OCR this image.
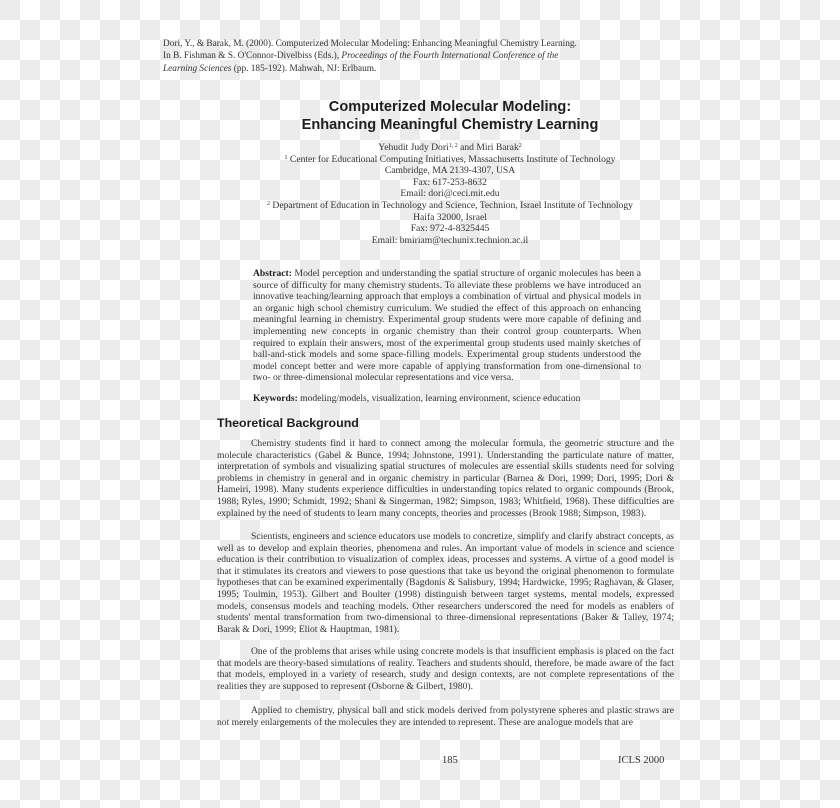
Dori, Y., & Barak, M. (2000). Computerized Molecular Modeling: Enhancing Meaningful Chemistry Learning.
In B. Fishman & S. O'Connor-Divelbiss (Eds.), Proceedings of the Fourth International Conference of the
Learning Sciences (pp. 185-192). Mahwah, NJ: Erlbaum.
Computerized Molecular Modeling:
Enhancing Meaningful Chemistry Learning
Yehudit Judy Dori$^{1, 2}$ and Miri Barak$^2$
$^1$ Center for Educational Computing Initiatives, Massachusetts Institute of Technology
Cambridge, MA 2139-4307, USA
Fax: 617-253-8632
Email: dori@ceci.mit.edu
$^2$ Department of Education in Technology and Science, Technion, Israel Institute of Technology
Haifa 32000, Israel
Fax: 972-4-8325445
Email: bmiriam@techunix.technion.ac.il
Abstract: Model perception and understanding the spatial structure of organic molecules has been a source of difficulty for many chemistry students. To alleviate these problems we have introduced an innovative teaching/learning approach that employs a combination of virtual and physical models in an organic high school chemistry curriculum. We studied the effect of this approach on enhancing meaningful learning in chemistry. Experimental group students were more capable of defining and implementing new concepts in organic chemistry than their control group counterparts. When required to explain their answers, most of the experimental group students used mainly sketches of ball-and-stick models and some space-filling models. Experimental group students understood the model concept better and were more capable of applying transformation from one-dimensional to two- or three-dimensional molecular representations and vice versa.
Keywords: modeling/models, visualization, learning environment, science education
Theoretical Background
Chemistry students find it hard to connect among the molecular formula, the geometric structure and the molecule characteristics (Gabel & Bunce, 1994; Johnstone, 1991). Understanding the particulate nature of matter, interpretation of symbols and visualizing spatial structures of molecules are essential skills students need for solving problems in chemistry in general and in organic chemistry in particular (Barnea & Dori, 1999; Dori, 1995; Dori & Hameiri, 1998). Many students experience difficulties in understanding topics related to organic compounds (Brook, 1988; Ryles, 1990; Schmidt, 1992; Shani & Singerman, 1982; Simpson, 1983; Whitfield, 1968). These difficulties are explained by the need of students to learn many concepts, theories and processes (Brook 1988; Simpson, 1983).
Scientists, engineers and science educators use models to concretize, simplify and clarify abstract concepts, as well as to develop and explain theories, phenomena and rules. An important value of models in science and science education is their contribution to visualization of complex ideas, processes and systems. A virtue of a good model is that it stimulates its creators and viewers to pose questions that take us beyond the original phenomenon to formulate hypotheses that can be examined experimentally (Bagdonis & Salisbury, 1994; Hardwicke, 1995; Raghavan, & Glaser, 1995; Toulmin, 1953). Gilbert and Boulter (1998) distinguish between target systems, mental models, expressed models, consensus models and teaching models. Other researchers underscored the need for models as enablers of students' mental transformation from two-dimensional to three-dimensional representations (Baker & Talley, 1974; Barak & Dori, 1999; Eliot & Hauptman, 1981).
One of the problems that arises while using concrete models is that insufficient emphasis is placed on the fact that models are theory-based simulations of reality. Teachers and students should, therefore, be made aware of the fact that models, employed in a variety of research, study and design contexts, are not complete representations of the realities they are supposed to represent (Osborne & Gilbert, 1980).
Applied to chemistry, physical ball and stick models derived from polystyrene spheres and plastic straws are not merely enlargements of the molecules they are intended to represent. These are analogue models that are
185	ICLS 2000
